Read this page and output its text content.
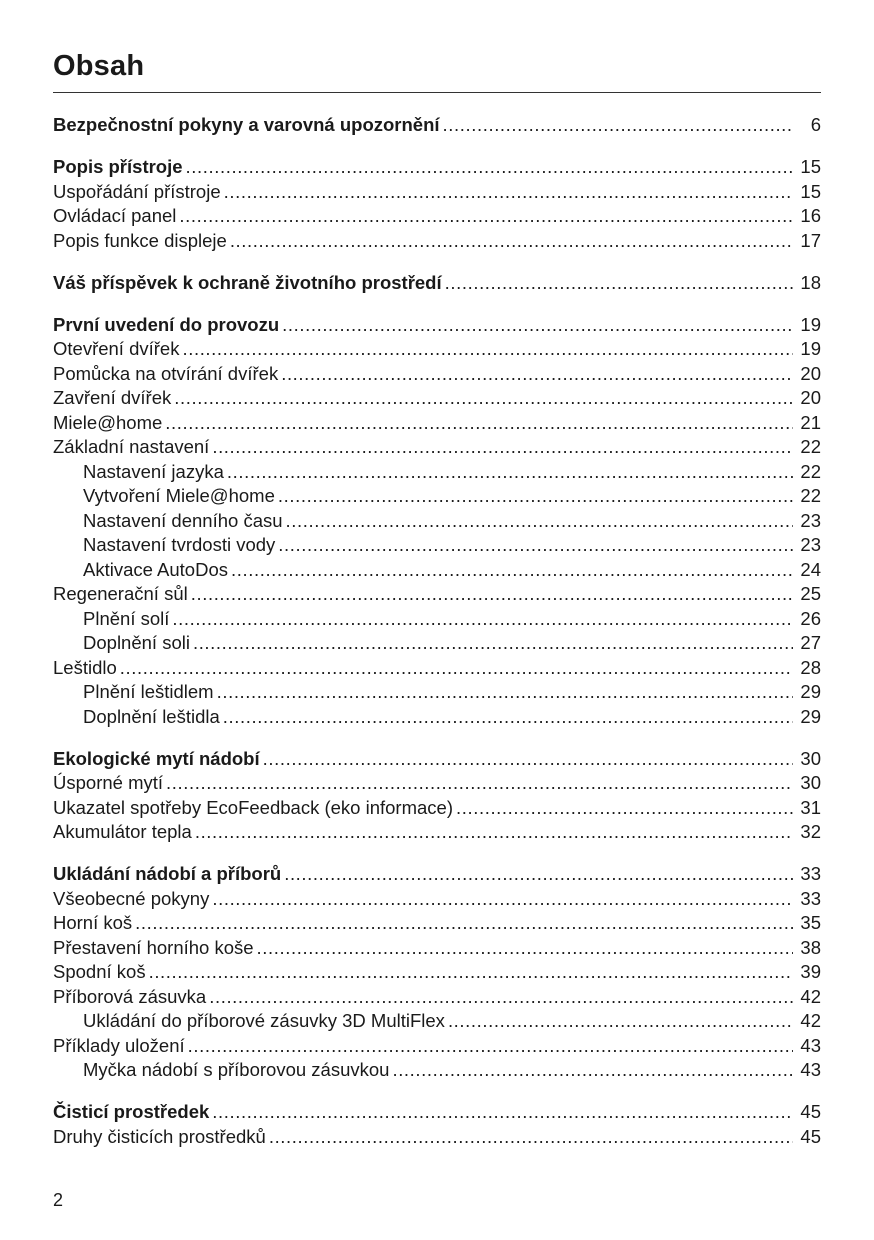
Obsah
Bezpečnostní pokyny a varovná upozornění .....	6
Popis přístroje .....	15
Uspořádání přístroje .....	15
Ovládací panel .....	16
Popis funkce displeje .....	17
Váš příspěvek k ochraně životního prostředí .....	18
První uvedení do provozu .....	19
Otevření dvířek .....	19
Pomůcka na otvírání dvířek .....	20
Zavření dvířek .....	20
Miele@home .....	21
Základní nastavení .....	22
Nastavení jazyka .....	22
Vytvoření Miele@home .....	22
Nastavení denního času .....	23
Nastavení tvrdosti vody .....	23
Aktivace AutoDos .....	24
Regenerační sůl .....	25
Plnění solí .....	26
Doplnění soli .....	27
Leštidlo .....	28
Plnění leštidlem .....	29
Doplnění leštidla .....	29
Ekologické mytí nádobí .....	30
Úsporné mytí .....	30
Ukazatel spotřeby EcoFeedback (eko informace) .....	31
Akumulátor tepla .....	32
Ukládání nádobí a příborů .....	33
Všeobecné pokyny .....	33
Horní koš .....	35
Přestavení horního koše .....	38
Spodní koš .....	39
Příborová zásuvka .....	42
Ukládání do příborové zásuvky 3D MultiFlex .....	42
Příklady uložení .....	43
Myčka nádobí s příborovou zásuvkou .....	43
Čisticí prostředek .....	45
Druhy čisticích prostředků .....	45
2
